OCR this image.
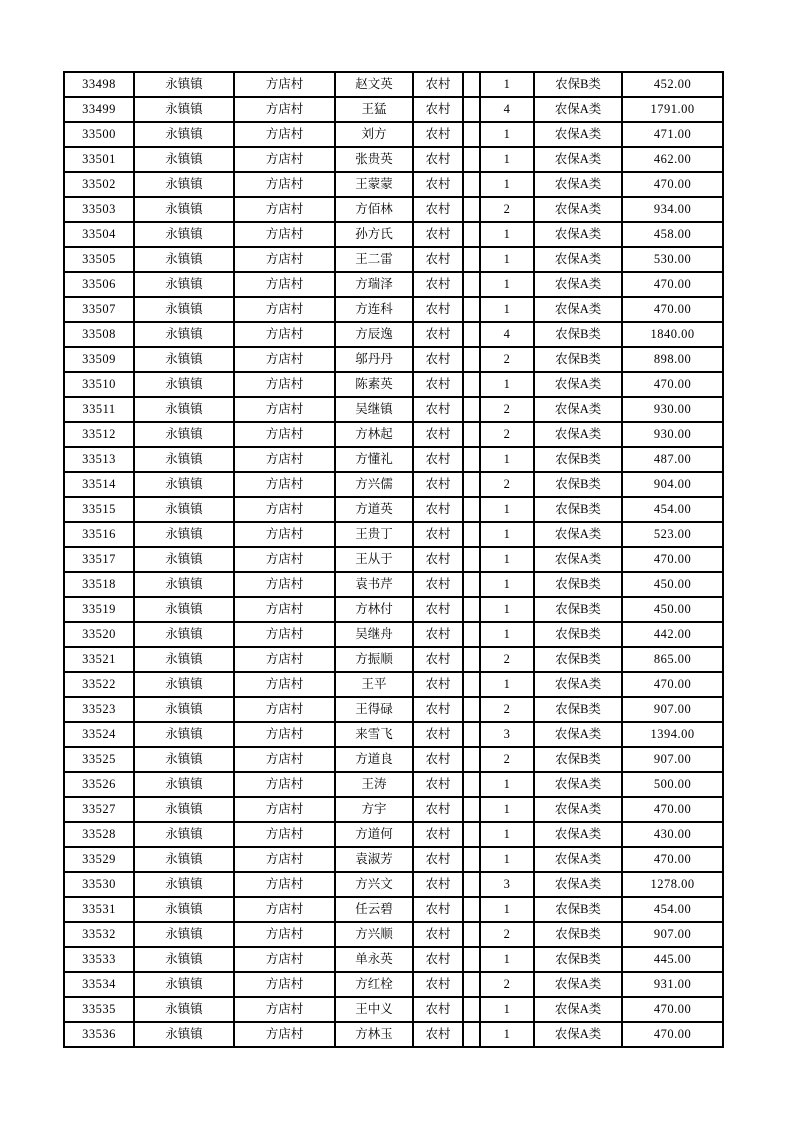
33498	永镇镇	方店村	赵文英	农村		1	农保B类	452.00
33499	永镇镇	方店村	王猛	农村		4	农保A类	1791.00
33500	永镇镇	方店村	刘方	农村		1	农保A类	471.00
33501	永镇镇	方店村	张贵英	农村		1	农保A类	462.00
33502	永镇镇	方店村	王蒙蒙	农村		1	农保A类	470.00
33503	永镇镇	方店村	方佰林	农村		2	农保A类	934.00
33504	永镇镇	方店村	孙方氏	农村		1	农保A类	458.00
33505	永镇镇	方店村	王二雷	农村		1	农保A类	530.00
33506	永镇镇	方店村	方瑞泽	农村		1	农保A类	470.00
33507	永镇镇	方店村	方连科	农村		1	农保A类	470.00
33508	永镇镇	方店村	方辰逸	农村		4	农保B类	1840.00
33509	永镇镇	方店村	邬丹丹	农村		2	农保B类	898.00
33510	永镇镇	方店村	陈素英	农村		1	农保A类	470.00
33511	永镇镇	方店村	吴继镇	农村		2	农保A类	930.00
33512	永镇镇	方店村	方林起	农村		2	农保A类	930.00
33513	永镇镇	方店村	方懂礼	农村		1	农保B类	487.00
33514	永镇镇	方店村	方兴儒	农村		2	农保B类	904.00
33515	永镇镇	方店村	方道英	农村		1	农保B类	454.00
33516	永镇镇	方店村	王贵丁	农村		1	农保A类	523.00
33517	永镇镇	方店村	王从于	农村		1	农保A类	470.00
33518	永镇镇	方店村	袁书芹	农村		1	农保B类	450.00
33519	永镇镇	方店村	方林付	农村		1	农保B类	450.00
33520	永镇镇	方店村	吴继舟	农村		1	农保B类	442.00
33521	永镇镇	方店村	方振顺	农村		2	农保B类	865.00
33522	永镇镇	方店村	王平	农村		1	农保A类	470.00
33523	永镇镇	方店村	王得碌	农村		2	农保B类	907.00
33524	永镇镇	方店村	来雪飞	农村		3	农保A类	1394.00
33525	永镇镇	方店村	方道良	农村		2	农保B类	907.00
33526	永镇镇	方店村	王涛	农村		1	农保A类	500.00
33527	永镇镇	方店村	方宇	农村		1	农保A类	470.00
33528	永镇镇	方店村	方道何	农村		1	农保A类	430.00
33529	永镇镇	方店村	袁淑芳	农村		1	农保A类	470.00
33530	永镇镇	方店村	方兴文	农村		3	农保A类	1278.00
33531	永镇镇	方店村	任云碧	农村		1	农保B类	454.00
33532	永镇镇	方店村	方兴顺	农村		2	农保B类	907.00
33533	永镇镇	方店村	单永英	农村		1	农保B类	445.00
33534	永镇镇	方店村	方红栓	农村		2	农保A类	931.00
33535	永镇镇	方店村	王中义	农村		1	农保A类	470.00
33536	永镇镇	方店村	方林玉	农村		1	农保A类	470.00
